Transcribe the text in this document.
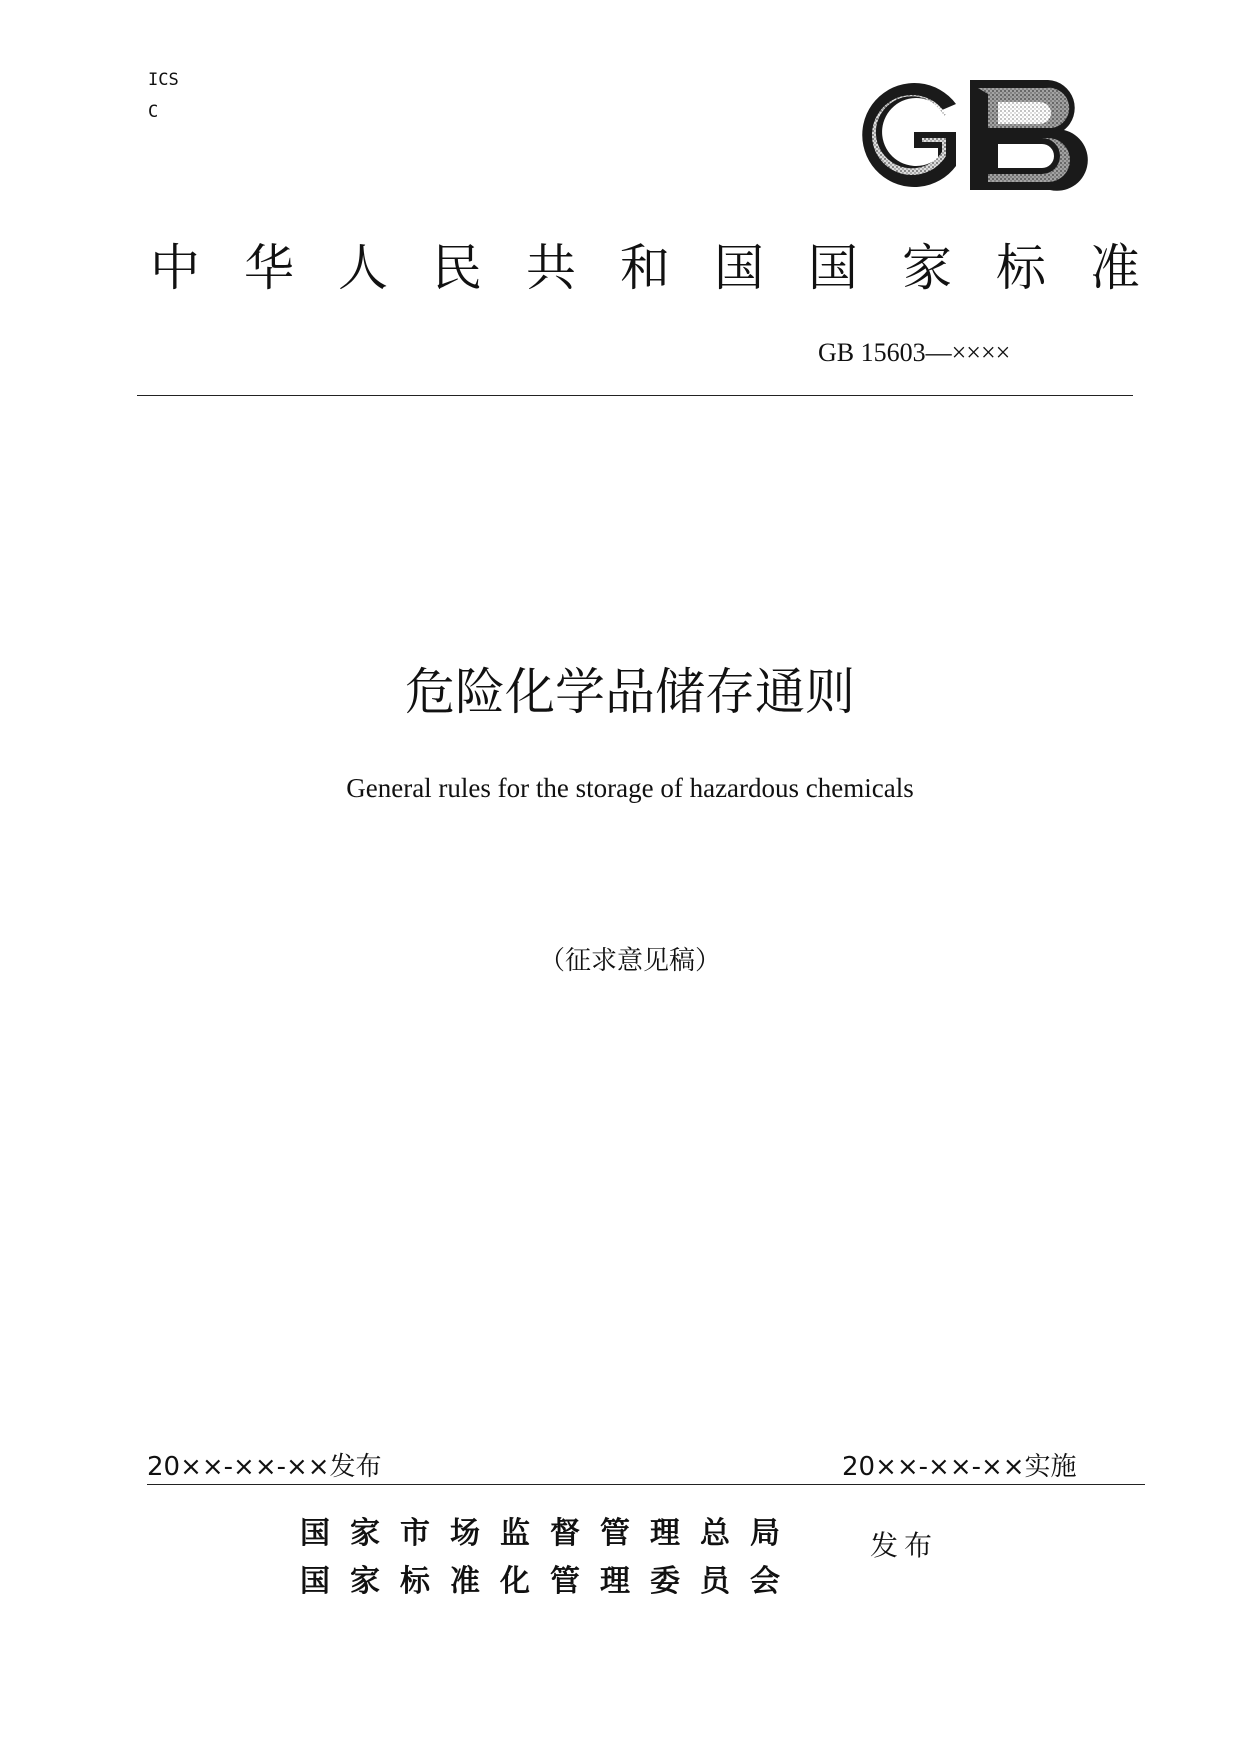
ICS
C
GB
中华人民共和国国家标准
GB 15603—××××
危险化学品储存通则
General rules for the storage of hazardous chemicals
（征求意见稿）
20××-××-××发布	20××-××-××实施
国家市场监督管理总局
国家标准化管理委员会
发布
